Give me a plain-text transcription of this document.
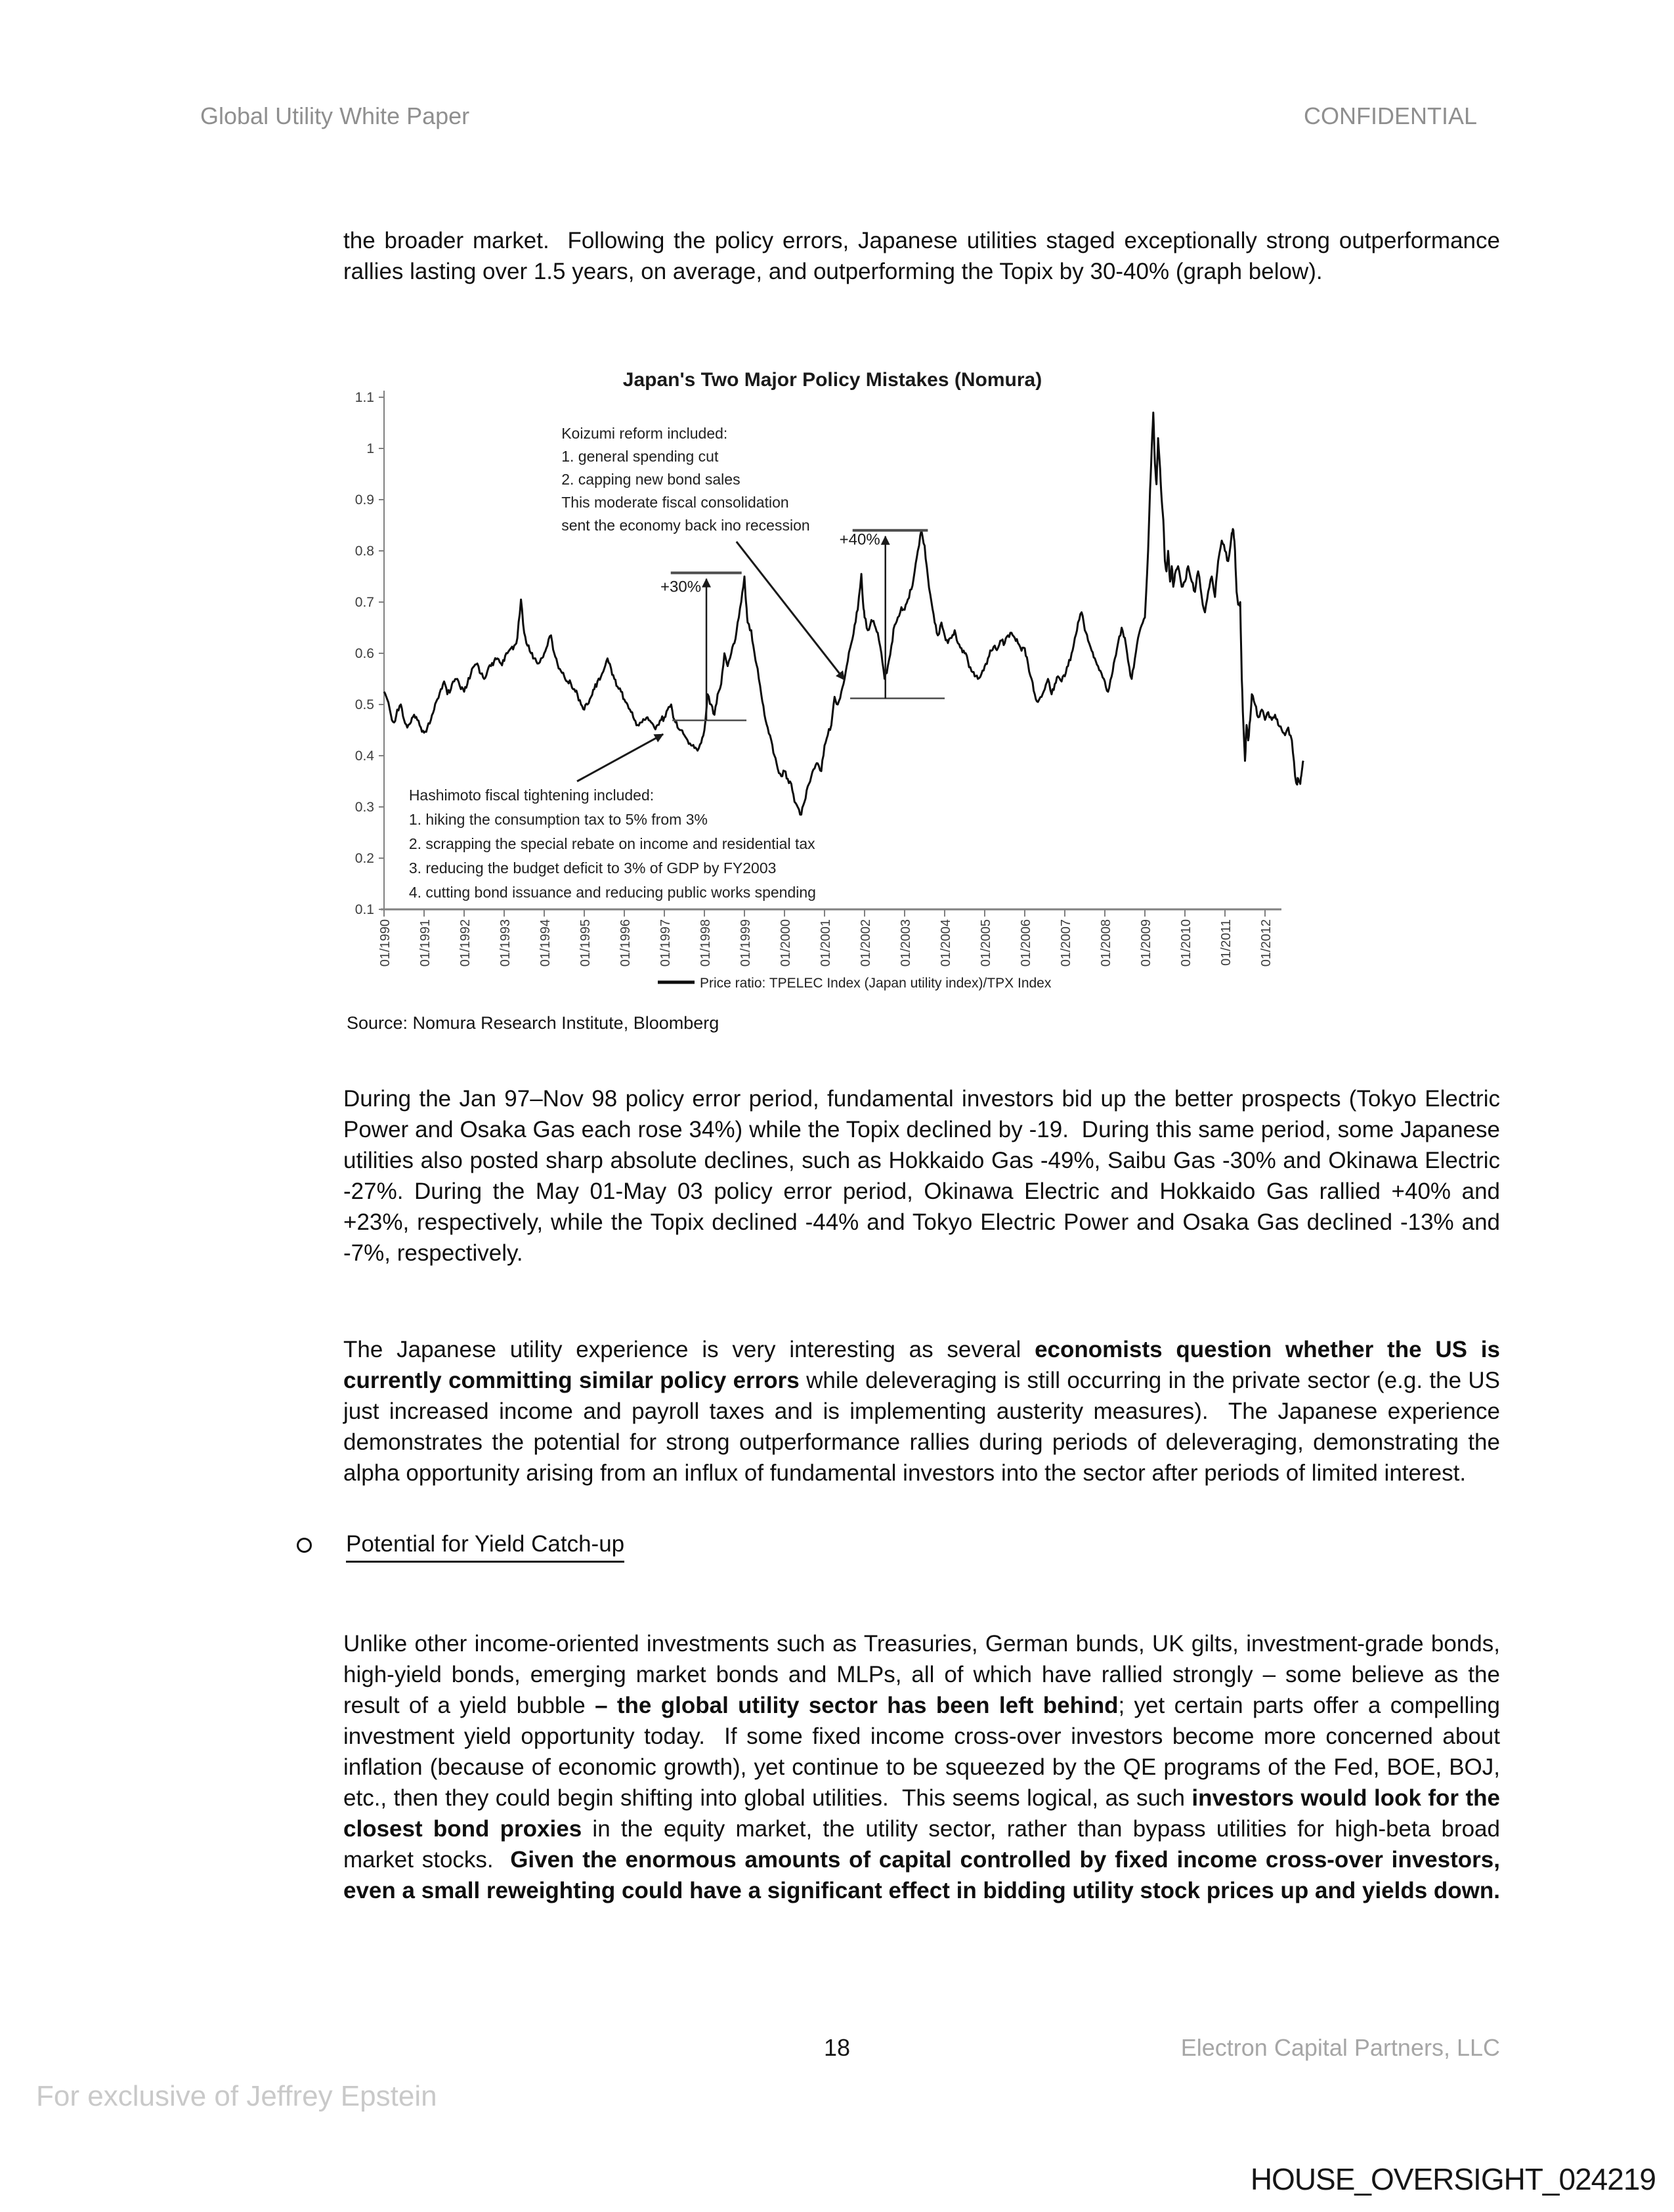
Global Utility White Paper	CONFIDENTIAL

the broader market.  Following the policy errors, Japanese utilities staged exceptionally strong outperformance rallies lasting over 1.5 years, on average, and outperforming the Topix by 30-40% (graph below).

Japan's Two Major Policy Mistakes (Nomura)
1.1
1
0.9
0.8
0.7
0.6
0.5
0.4
0.3
0.2
0.1
01/1990 01/1991 01/1992 01/1993 01/1994 01/1995 01/1996 01/1997 01/1998 01/1999 01/2000 01/2001 01/2002 01/2003 01/2004 01/2005 01/2006 01/2007 01/2008 01/2009 01/2010 01/2011 01/2012
Koizumi reform included:
1. general spending cut
2. capping new bond sales
This moderate fiscal consolidation
sent the economy back ino recession
Hashimoto fiscal tightening included:
1. hiking the consumption tax to 5% from 3%
2. scrapping the special rebate on income and residential tax
3. reducing the budget deficit to 3% of GDP by FY2003
4. cutting bond issuance and reducing public works spending
+30%
+40%
Price ratio: TPELEC Index (Japan utility index)/TPX Index
Source: Nomura Research Institute, Bloomberg

During the Jan 97–Nov 98 policy error period, fundamental investors bid up the better prospects (Tokyo Electric Power and Osaka Gas each rose 34%) while the Topix declined by -19.  During this same period, some Japanese utilities also posted sharp absolute declines, such as Hokkaido Gas -49%, Saibu Gas -30% and Okinawa Electric -27%. During the May 01-May 03 policy error period, Okinawa Electric and Hokkaido Gas rallied +40% and +23%, respectively, while the Topix declined -44% and Tokyo Electric Power and Osaka Gas declined -13% and -7%, respectively.

The Japanese utility experience is very interesting as several economists question whether the US is currently committing similar policy errors while deleveraging is still occurring in the private sector (e.g. the US just increased income and payroll taxes and is implementing austerity measures).  The Japanese experience demonstrates the potential for strong outperformance rallies during periods of deleveraging, demonstrating the alpha opportunity arising from an influx of fundamental investors into the sector after periods of limited interest.

Potential for Yield Catch-up

Unlike other income-oriented investments such as Treasuries, German bunds, UK gilts, investment-grade bonds, high-yield bonds, emerging market bonds and MLPs, all of which have rallied strongly – some believe as the result of a yield bubble – the global utility sector has been left behind; yet certain parts offer a compelling investment yield opportunity today.  If some fixed income cross-over investors become more concerned about inflation (because of economic growth), yet continue to be squeezed by the QE programs of the Fed, BOE, BOJ, etc., then they could begin shifting into global utilities.  This seems logical, as such investors would look for the closest bond proxies in the equity market, the utility sector, rather than bypass utilities for high-beta broad market stocks.  Given the enormous amounts of capital controlled by fixed income cross-over investors, even a small reweighting could have a significant effect in bidding utility stock prices up and yields down.

18	Electron Capital Partners, LLC
For exclusive of Jeffrey Epstein
HOUSE_OVERSIGHT_024219
